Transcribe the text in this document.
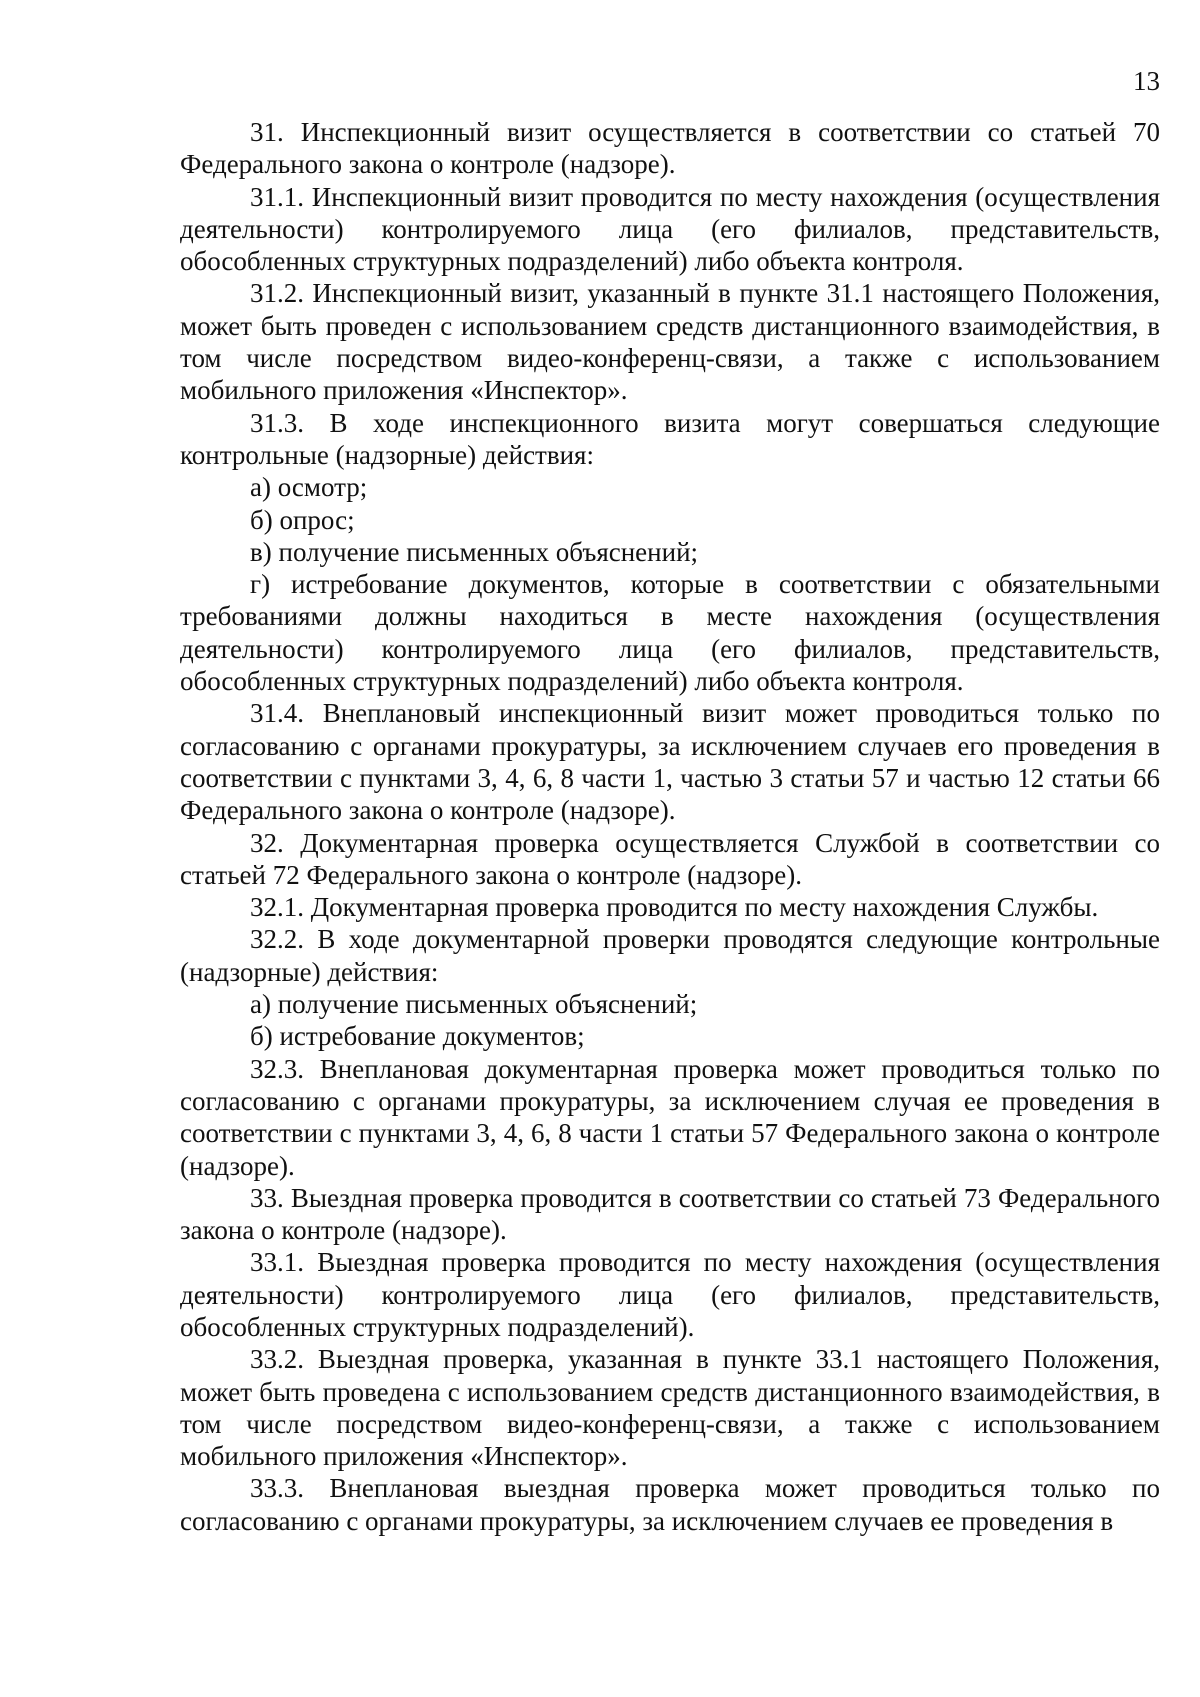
13

31. Инспекционный визит осуществляется в соответствии со статьей 70 Федерального закона о контроле (надзоре).

31.1. Инспекционный визит проводится по месту нахождения (осуществления деятельности) контролируемого лица (его филиалов, представительств, обособленных структурных подразделений) либо объекта контроля.

31.2. Инспекционный визит, указанный в пункте 31.1 настоящего Положения, может быть проведен с использованием средств дистанционного взаимодействия, в том числе посредством видео-конференц-связи, а также с использованием мобильного приложения «Инспектор».

31.3. В ходе инспекционного визита могут совершаться следующие контрольные (надзорные) действия:

а) осмотр;

б) опрос;

в) получение письменных объяснений;

г) истребование документов, которые в соответствии с обязательными требованиями должны находиться в месте нахождения (осуществления деятельности) контролируемого лица (его филиалов, представительств, обособленных структурных подразделений) либо объекта контроля.

31.4. Внеплановый инспекционный визит может проводиться только по согласованию с органами прокуратуры, за исключением случаев его проведения в соответствии с пунктами 3, 4, 6, 8 части 1, частью 3 статьи 57 и частью 12 статьи 66 Федерального закона о контроле (надзоре).

32. Документарная проверка осуществляется Службой в соответствии со статьей 72 Федерального закона о контроле (надзоре).

32.1. Документарная проверка проводится по месту нахождения Службы.

32.2. В ходе документарной проверки проводятся следующие контрольные (надзорные) действия:

а) получение письменных объяснений;

б) истребование документов;

32.3. Внеплановая документарная проверка может проводиться только по согласованию с органами прокуратуры, за исключением случая ее проведения в соответствии с пунктами 3, 4, 6, 8 части 1 статьи 57 Федерального закона о контроле (надзоре).

33. Выездная проверка проводится в соответствии со статьей 73 Федерального закона о контроле (надзоре).

33.1. Выездная проверка проводится по месту нахождения (осуществления деятельности) контролируемого лица (его филиалов, представительств, обособленных структурных подразделений).

33.2. Выездная проверка, указанная в пункте 33.1 настоящего Положения, может быть проведена с использованием средств дистанционного взаимодействия, в том числе посредством видео-конференц-связи, а также с использованием мобильного приложения «Инспектор».

33.3. Внеплановая выездная проверка может проводиться только по согласованию с органами прокуратуры, за исключением случаев ее проведения в
